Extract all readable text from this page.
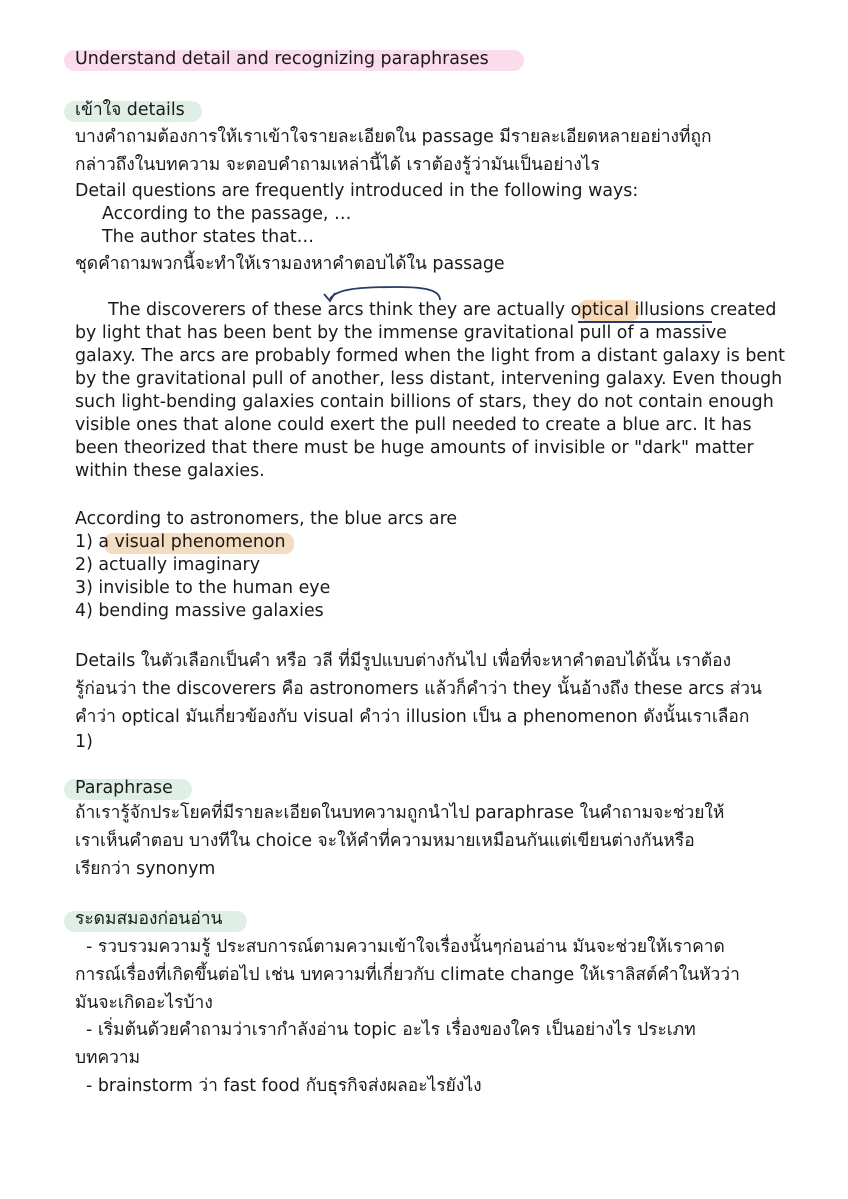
Understand detail and recognizing paraphrases
เข้าใจ details
บางคำถามต้องการให้เราเข้าใจรายละเอียดใน passage มีรายละเอียดหลายอย่างที่ถูก
กล่าวถึงในบทความ จะตอบคำถามเหล่านี้ได้ เราต้องรู้ว่ามันเป็นอย่างไร
Detail questions are frequently introduced in the following ways:
According to the passage, …
The author states that…
ชุดคำถามพวกนี้จะทำให้เรามองหาคำตอบได้ใน passage
The discoverers of these arcs think they are actually optical illusions created
by light that has been bent by the immense gravitational pull of a massive
galaxy. The arcs are probably formed when the light from a distant galaxy is bent
by the gravitational pull of another, less distant, intervening galaxy. Even though
such light-bending galaxies contain billions of stars, they do not contain enough
visible ones that alone could exert the pull needed to create a blue arc. It has
been theorized that there must be huge amounts of invisible or "dark" matter
within these galaxies.
According to astronomers, the blue arcs are
1) a visual phenomenon
2) actually imaginary
3) invisible to the human eye
4) bending massive galaxies
Details ในตัวเลือกเป็นคำ หรือ วลี ที่มีรูปแบบต่างกันไป เพื่อที่จะหาคำตอบได้นั้น เราต้อง
รู้ก่อนว่า the discoverers คือ astronomers แล้วก็คำว่า they นั้นอ้างถึง these arcs ส่วน
คำว่า optical มันเกี่ยวข้องกับ visual คำว่า illusion เป็น a phenomenon ดังนั้นเราเลือก
1)
Paraphrase
ถ้าเรารู้จักประโยคที่มีรายละเอียดในบทความถูกนำไป paraphrase ในคำถามจะช่วยให้
เราเห็นคำตอบ บางทีใน choice จะให้คำที่ความหมายเหมือนกันแต่เขียนต่างกันหรือ
เรียกว่า synonym
ระดมสมองก่อนอ่าน
- รวบรวมความรู้ ประสบการณ์ตามความเข้าใจเรื่องนั้นๆก่อนอ่าน มันจะช่วยให้เราคาด
การณ์เรื่องที่เกิดขึ้นต่อไป เช่น บทความที่เกี่ยวกับ climate change ให้เราลิสต์คำในหัวว่า
มันจะเกิดอะไรบ้าง
- เริ่มต้นด้วยคำถามว่าเรากำลังอ่าน topic อะไร เรื่องของใคร เป็นอย่างไร ประเภท
บทความ
- brainstorm ว่า fast food กับธุรกิจส่งผลอะไรยังไง
